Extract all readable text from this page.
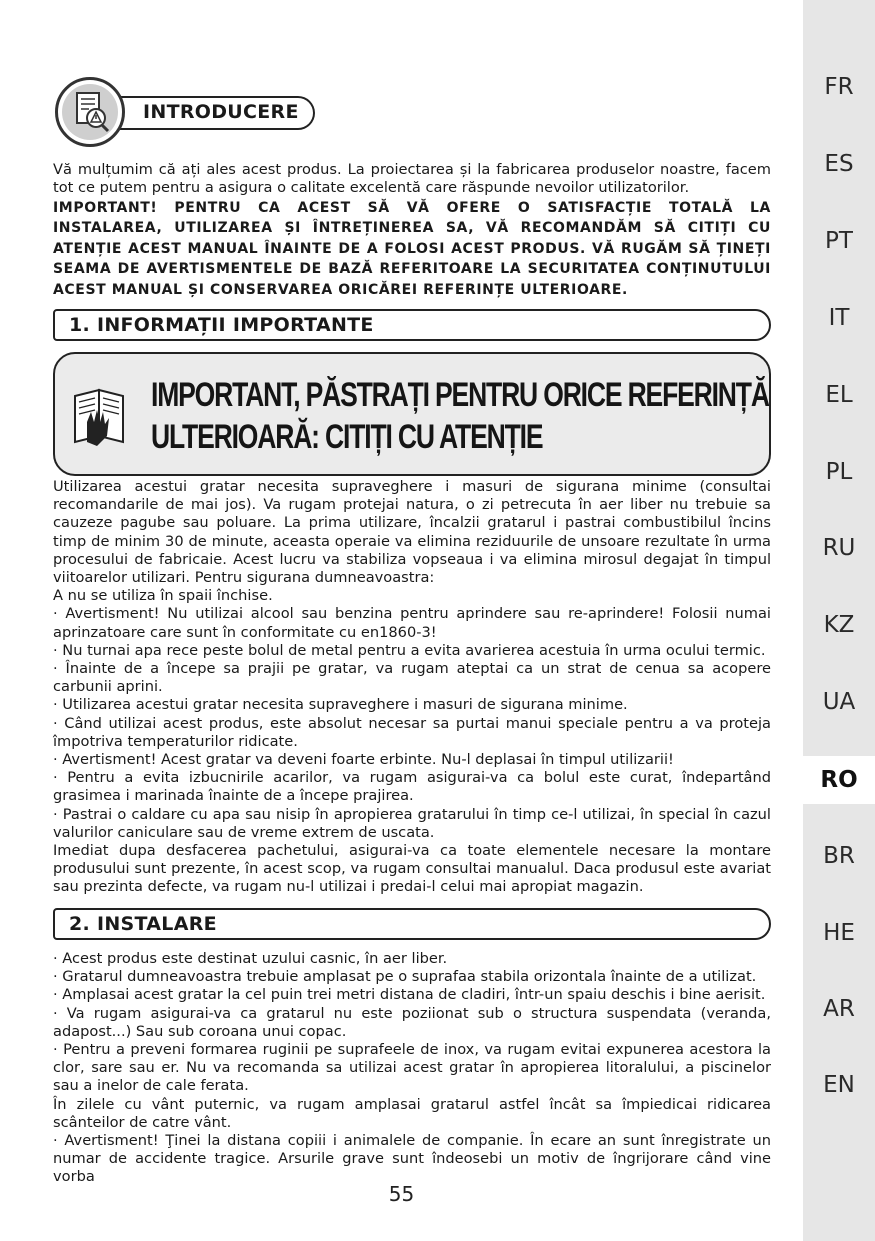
FR
ES
PT
IT
EL
PL
RU
KZ
UA
RO
BR
HE
AR
EN
INTRODUCERE
Vă mulțumim că ați ales acest produs. La proiectarea și la fabricarea produselor noastre, facem tot ce putem pentru a asigura o calitate excelentă care răspunde nevoilor utilizatorilor.
IMPORTANT! PENTRU CA ACEST SĂ VĂ OFERE O SATISFACȚIE TOTALĂ LA INSTALAREA, UTILIZAREA ȘI ÎNTREȚINEREA SA, VĂ RECOMANDĂM SĂ CITIȚI CU ATENȚIE ACEST MANUAL ÎNAINTE DE A FOLOSI ACEST PRODUS. VĂ RUGĂM SĂ ȚINEȚI SEAMA DE AVERTISMENTELE DE BAZĂ REFERITOARE LA SECURITATEA CONȚINUTULUI ACEST MANUAL ȘI CONSERVAREA ORICĂREI REFERINȚE ULTERIOARE.
1. INFORMAȚII IMPORTANTE
IMPORTANT, PĂSTRAȚI PENTRU ORICE REFERINȚĂ
ULTERIOARĂ: CITIȚI CU ATENȚIE
Utilizarea acestui gratar necesita supraveghere i masuri de siguranа minime (consultai recomandarile de mai jos). Va rugam protejai natura, o zi petrecuta în aer liber nu trebuie sa cauzeze pagube sau poluare. La prima utilizare, încalzii gratarul i pastrai combustibilul încins timp de minim 30 de minute, aceasta operaie va elimina reziduurile de unsoare rezultate în urma procesului de fabricaie. Acest lucru va stabiliza vopseaua i va elimina mirosul degajat în timpul viitoarelor utilizari. Pentru sigurana dumneavoastra:
A nu se utiliza în spaii închise.
· Avertisment! Nu utilizai alcool sau benzina pentru aprindere sau re-aprindere! Folosii numai aprinzatoare care sunt în conformitate cu en1860-3!
· Nu turnai apa rece peste bolul de metal pentru a evita avarierea acestuia în urma ocului termic.
· Înainte de a începe sa prajii pe gratar, va rugam ateptai ca un strat de cenua sa acopere carbunii aprini.
· Utilizarea acestui gratar necesita supraveghere i masuri de siguranа minime.
· Când utilizai acest produs, este absolut necesar sa purtai manui speciale pentru a va proteja împotriva temperaturilor ridicate.
· Avertisment! Acest gratar va deveni foarte erbinte. Nu-l deplasai în timpul utilizarii!
· Pentru a evita izbucnirile acarilor, va rugam asigurai-va ca bolul este curat, îndepartând grasimea i marinada înainte de a începe prajirea.
· Pastrai o caldare cu apa sau nisip în apropierea gratarului în timp ce-l utilizai, în special în cazul valurilor caniculare sau de vreme extrem de uscata.
Imediat dupa desfacerea pachetului, asigurai-va ca toate elementele necesare la montare produsului sunt prezente, în acest scop, va rugam consultai manualul. Daca produsul este avariat sau prezinta defecte, va rugam nu-l utilizai i predai-l celui mai apropiat magazin.
2. INSTALARE
· Acest produs este destinat uzului casnic, în aer liber.
· Gratarul dumneavoastra trebuie amplasat pe o suprafaa stabila orizontala înainte de a utilizat.
· Amplasai acest gratar la cel puin trei metri distana de cladiri, într-un spaiu deschis i bine aerisit.
· Va rugam asigurai-va ca gratarul nu este poziionat sub o structura suspendata (veranda, adapost...) Sau sub coroana unui copac.
· Pentru a preveni formarea ruginii pe suprafeele de inox, va rugam evitai expunerea acestora la clor, sare sau er. Nu va recomanda sa utilizai acest gratar în apropierea litoralului, a piscinelor sau a inelor de cale ferata.
În zilele cu vânt puternic, va rugam amplasai gratarul astfel încât sa împiedicai ridicarea scânteilor de catre vânt.
· Avertisment! Ţinei la distana copiii i animalele de companie. În ecare an sunt înregistrate un numar de accidente tragice. Arsurile grave sunt îndeosebi un motiv de îngrijorare când vine vorba
55
